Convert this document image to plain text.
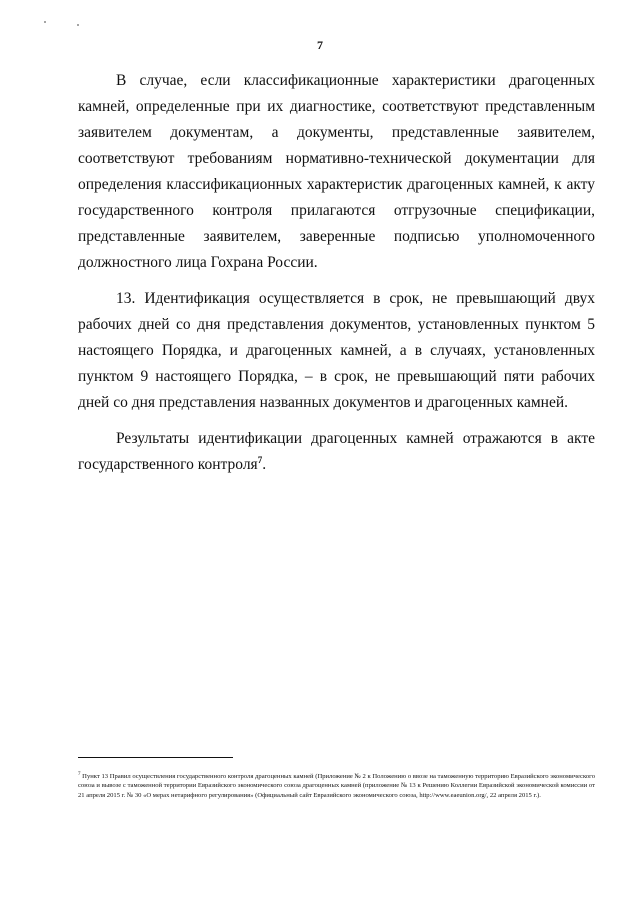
7

В случае, если классификационные характеристики драгоценных камней, определенные при их диагностике, соответствуют представленным заявителем документам, а документы, представленные заявителем, соответствуют требованиям нормативно-технической документации для определения классификационных характеристик драгоценных камней, к акту государственного контроля прилагаются отгрузочные спецификации, представленные заявителем, заверенные подписью уполномоченного должностного лица Гохрана России.

13. Идентификация осуществляется в срок, не превышающий двух рабочих дней со дня представления документов, установленных пунктом 5 настоящего Порядка, и драгоценных камней, а в случаях, установленных пунктом 9 настоящего Порядка, – в срок, не превышающий пяти рабочих дней со дня представления названных документов и драгоценных камней.

Результаты идентификации драгоценных камней отражаются в акте государственного контроля$^7$.

$^7$ Пункт 13 Правил осуществления государственного контроля драгоценных камней (Приложение № 2 к Положению о ввозе на таможенную территорию Евразийского экономического союза и вывозе с таможенной территории Евразийского экономического союза драгоценных камней (приложение № 13 к Решению Коллегии Евразийской экономической комиссии от 21 апреля 2015 г. № 30 «О мерах нетарифного регулирования» (Официальный сайт Евразийского экономического союза, http://www.eaeunion.org/, 22 апреля 2015 г.).
